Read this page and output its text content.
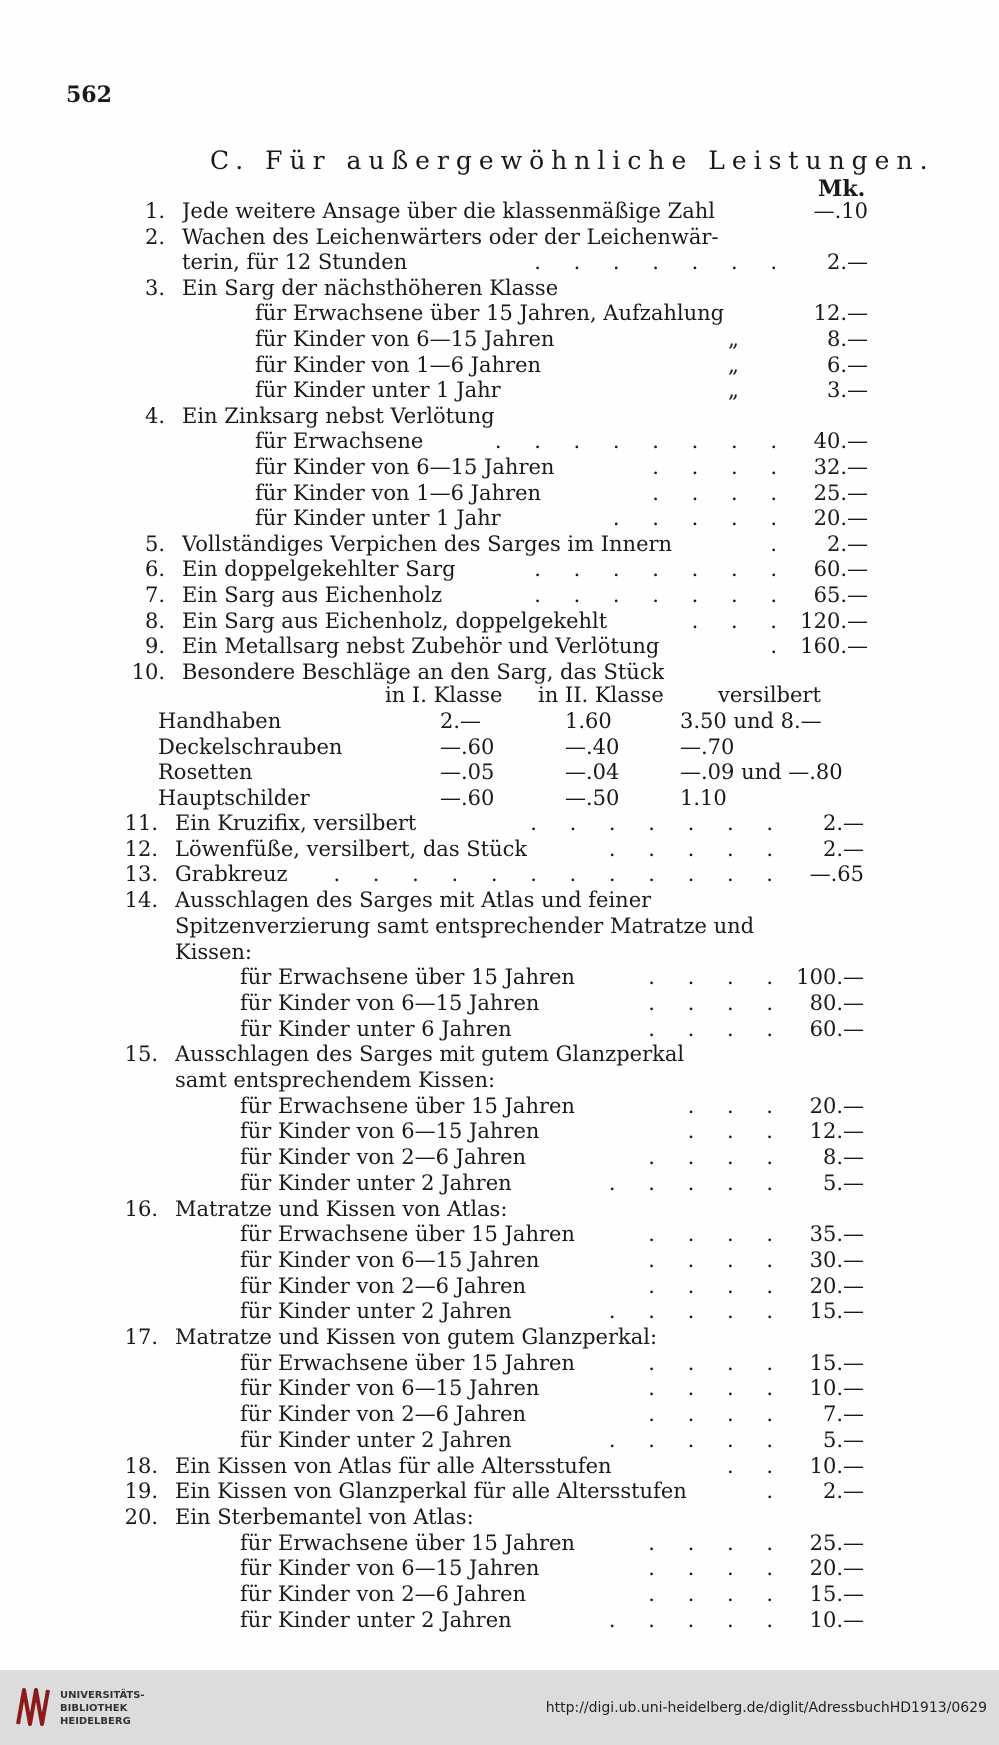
562
C. Für außergewöhnliche Leistungen.
Mk.
1. Jede weitere Ansage über die klassenmäßige Zahl	—.10
2. Wachen des Leichenwärters oder der Leichenwär-
terin, für 12 Stunden	. . . . . . .	2.—
3. Ein Sarg der nächsthöheren Klasse
für Erwachsene über 15 Jahren, Aufzahlung	12.—
für Kinder von 6—15 Jahren	„	8.—
für Kinder von 1—6 Jahren	„	6.—
für Kinder unter 1 Jahr	„	3.—
4. Ein Zinksarg nebst Verlötung
für Erwachsene	. . . . . . . .	40.—
für Kinder von 6—15 Jahren	. . . .	32.—
für Kinder von 1—6 Jahren	. . . .	25.—
für Kinder unter 1 Jahr	. . . . .	20.—
5. Vollständiges Verpichen des Sarges im Innern	.	2.—
6. Ein doppelgekehlter Sarg	. . . . . . .	60.—
7. Ein Sarg aus Eichenholz	. . . . . . .	65.—
8. Ein Sarg aus Eichenholz, doppelgekehlt	. . . 120.—
9. Ein Metallsarg nebst Zubehör und Verlötung	. 160.—
10. Besondere Beschläge an den Sarg, das Stück
in I. Klasse in II. Klasse	versilbert
Handhaben	2.—	1.60	3.50 und 8.—
Deckelschrauben	—.60	—.40	—.70
Rosetten	—.05	—.04	—.09 und —.80
Hauptschilder	—.60	—.50	1.10
11. Ein Kruzifix, versilbert	. . . . . . .	2.—
12. Löwenfüße, versilbert, das Stück	. . . . .	2.—
13. Grabkreuz . . . . . . . . . . . .	—.65
14. Ausschlagen des Sarges mit Atlas und feiner
Spitzenverzierung samt entsprechender Matratze und
Kissen:
für Erwachsene über 15 Jahren	. . . . 100.—
für Kinder von 6—15 Jahren	. . . .	80.—
für Kinder unter 6 Jahren	. . . .	60.—
15. Ausschlagen des Sarges mit gutem Glanzperkal
samt entsprechendem Kissen:
für Erwachsene über 15 Jahren	. . .	20.—
für Kinder von 6—15 Jahren	. . .	12.—
für Kinder von 2—6 Jahren	. . . .	8.—
für Kinder unter 2 Jahren	. . . . .	5.—
16. Matratze und Kissen von Atlas:
für Erwachsene über 15 Jahren	. . . .	35.—
für Kinder von 6—15 Jahren	. . . .	30.—
für Kinder von 2—6 Jahren	. . . .	20.—
für Kinder unter 2 Jahren	. . . . .	15.—
17. Matratze und Kissen von gutem Glanzperkal:
für Erwachsene über 15 Jahren	. . . .	15.—
für Kinder von 6—15 Jahren	. . . .	10.—
für Kinder von 2—6 Jahren	. . . .	7.—
für Kinder unter 2 Jahren	. . . . .	5.—
18. Ein Kissen von Atlas für alle Altersstufen	. .	10.—
19. Ein Kissen von Glanzperkal für alle Altersstufen	.	2.—
20. Ein Sterbemantel von Atlas:
für Erwachsene über 15 Jahren	. . . .	25.—
für Kinder von 6—15 Jahren	. . . .	20.—
für Kinder von 2—6 Jahren	. . . .	15.—
für Kinder unter 2 Jahren	. . . . .	10.—
UNIVERSITÄTS-
BIBLIOTHEK
HEIDELBERG
http://digi.ub.uni-heidelberg.de/diglit/AdressbuchHD1913/0629
